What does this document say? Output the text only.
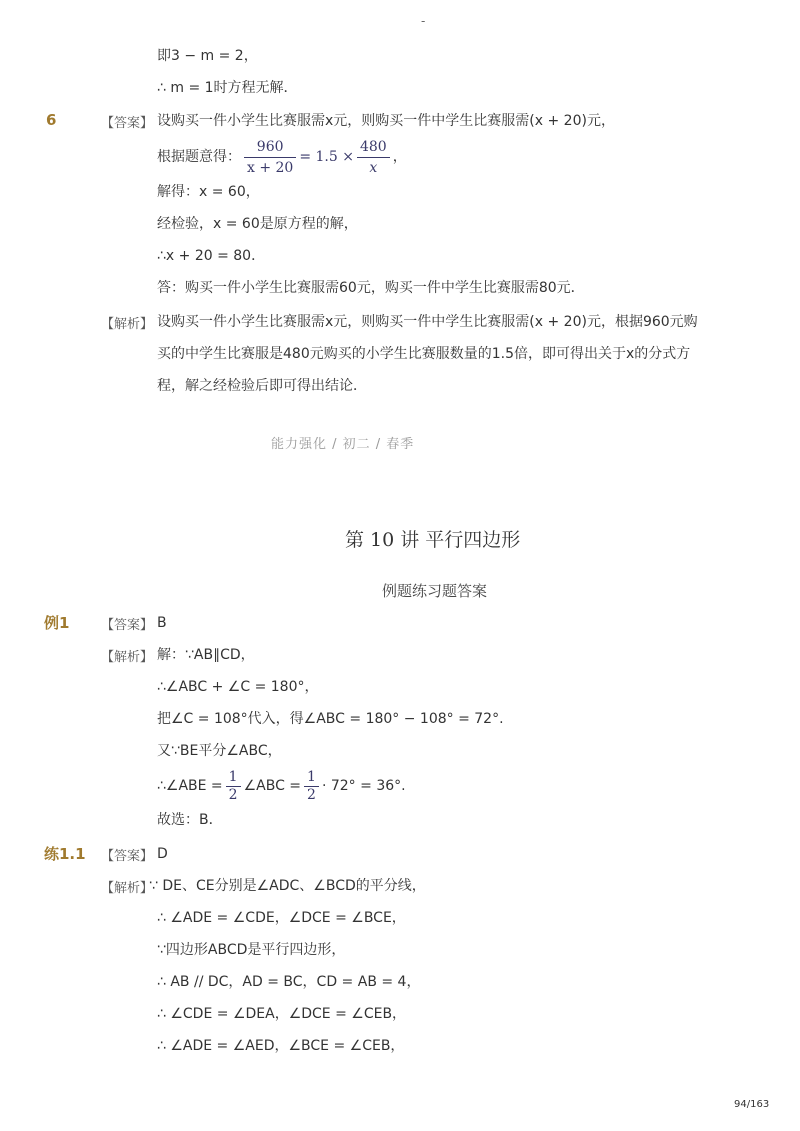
-
即3 − m = 2，
∴ m = 1时方程无解．
6	【答案】 设购买一件小学生比赛服需x元，则购买一件中学生比赛服需(x + 20)元，
根据题意得： $\frac{960}{x + 20} = 1.5 \times \frac{480}{x}$ ，
解得：x = 60，
经检验，x = 60是原方程的解，
∴x + 20 = 80．
答：购买一件小学生比赛服需60元，购买一件中学生比赛服需80元．
【解析】 设购买一件小学生比赛服需x元，则购买一件中学生比赛服需(x + 20)元，根据960元购
买的中学生比赛服是480元购买的小学生比赛服数量的1.5倍，即可得出关于x的分式方
程，解之经检验后即可得出结论．
能力强化 / 初二 / 春季
第 10 讲 平行四边形
例题练习题答案
例1 【答案】 B
【解析】 解：∵AB∥CD，
∴∠ABC + ∠C = 180°，
把∠C = 108°代入，得∠ABC = 180° − 108° = 72°.
又∵BE平分∠ABC，
∴∠ABE = $\frac{1}{2}$ ∠ABC = $\frac{1}{2} \cdot 72^\circ = 36^\circ$.
故选：B．
练1.1 【答案】 D
【解析】
∵ DE、CE分别是∠ADC、∠BCD的平分线，
∴ ∠ADE = ∠CDE，∠DCE = ∠BCE，
∵四边形ABCD是平行四边形，
∴ AB // DC，AD = BC，CD = AB = 4，
∴ ∠CDE = ∠DEA，∠DCE = ∠CEB，
∴ ∠ADE = ∠AED，∠BCE = ∠CEB，
94/163
